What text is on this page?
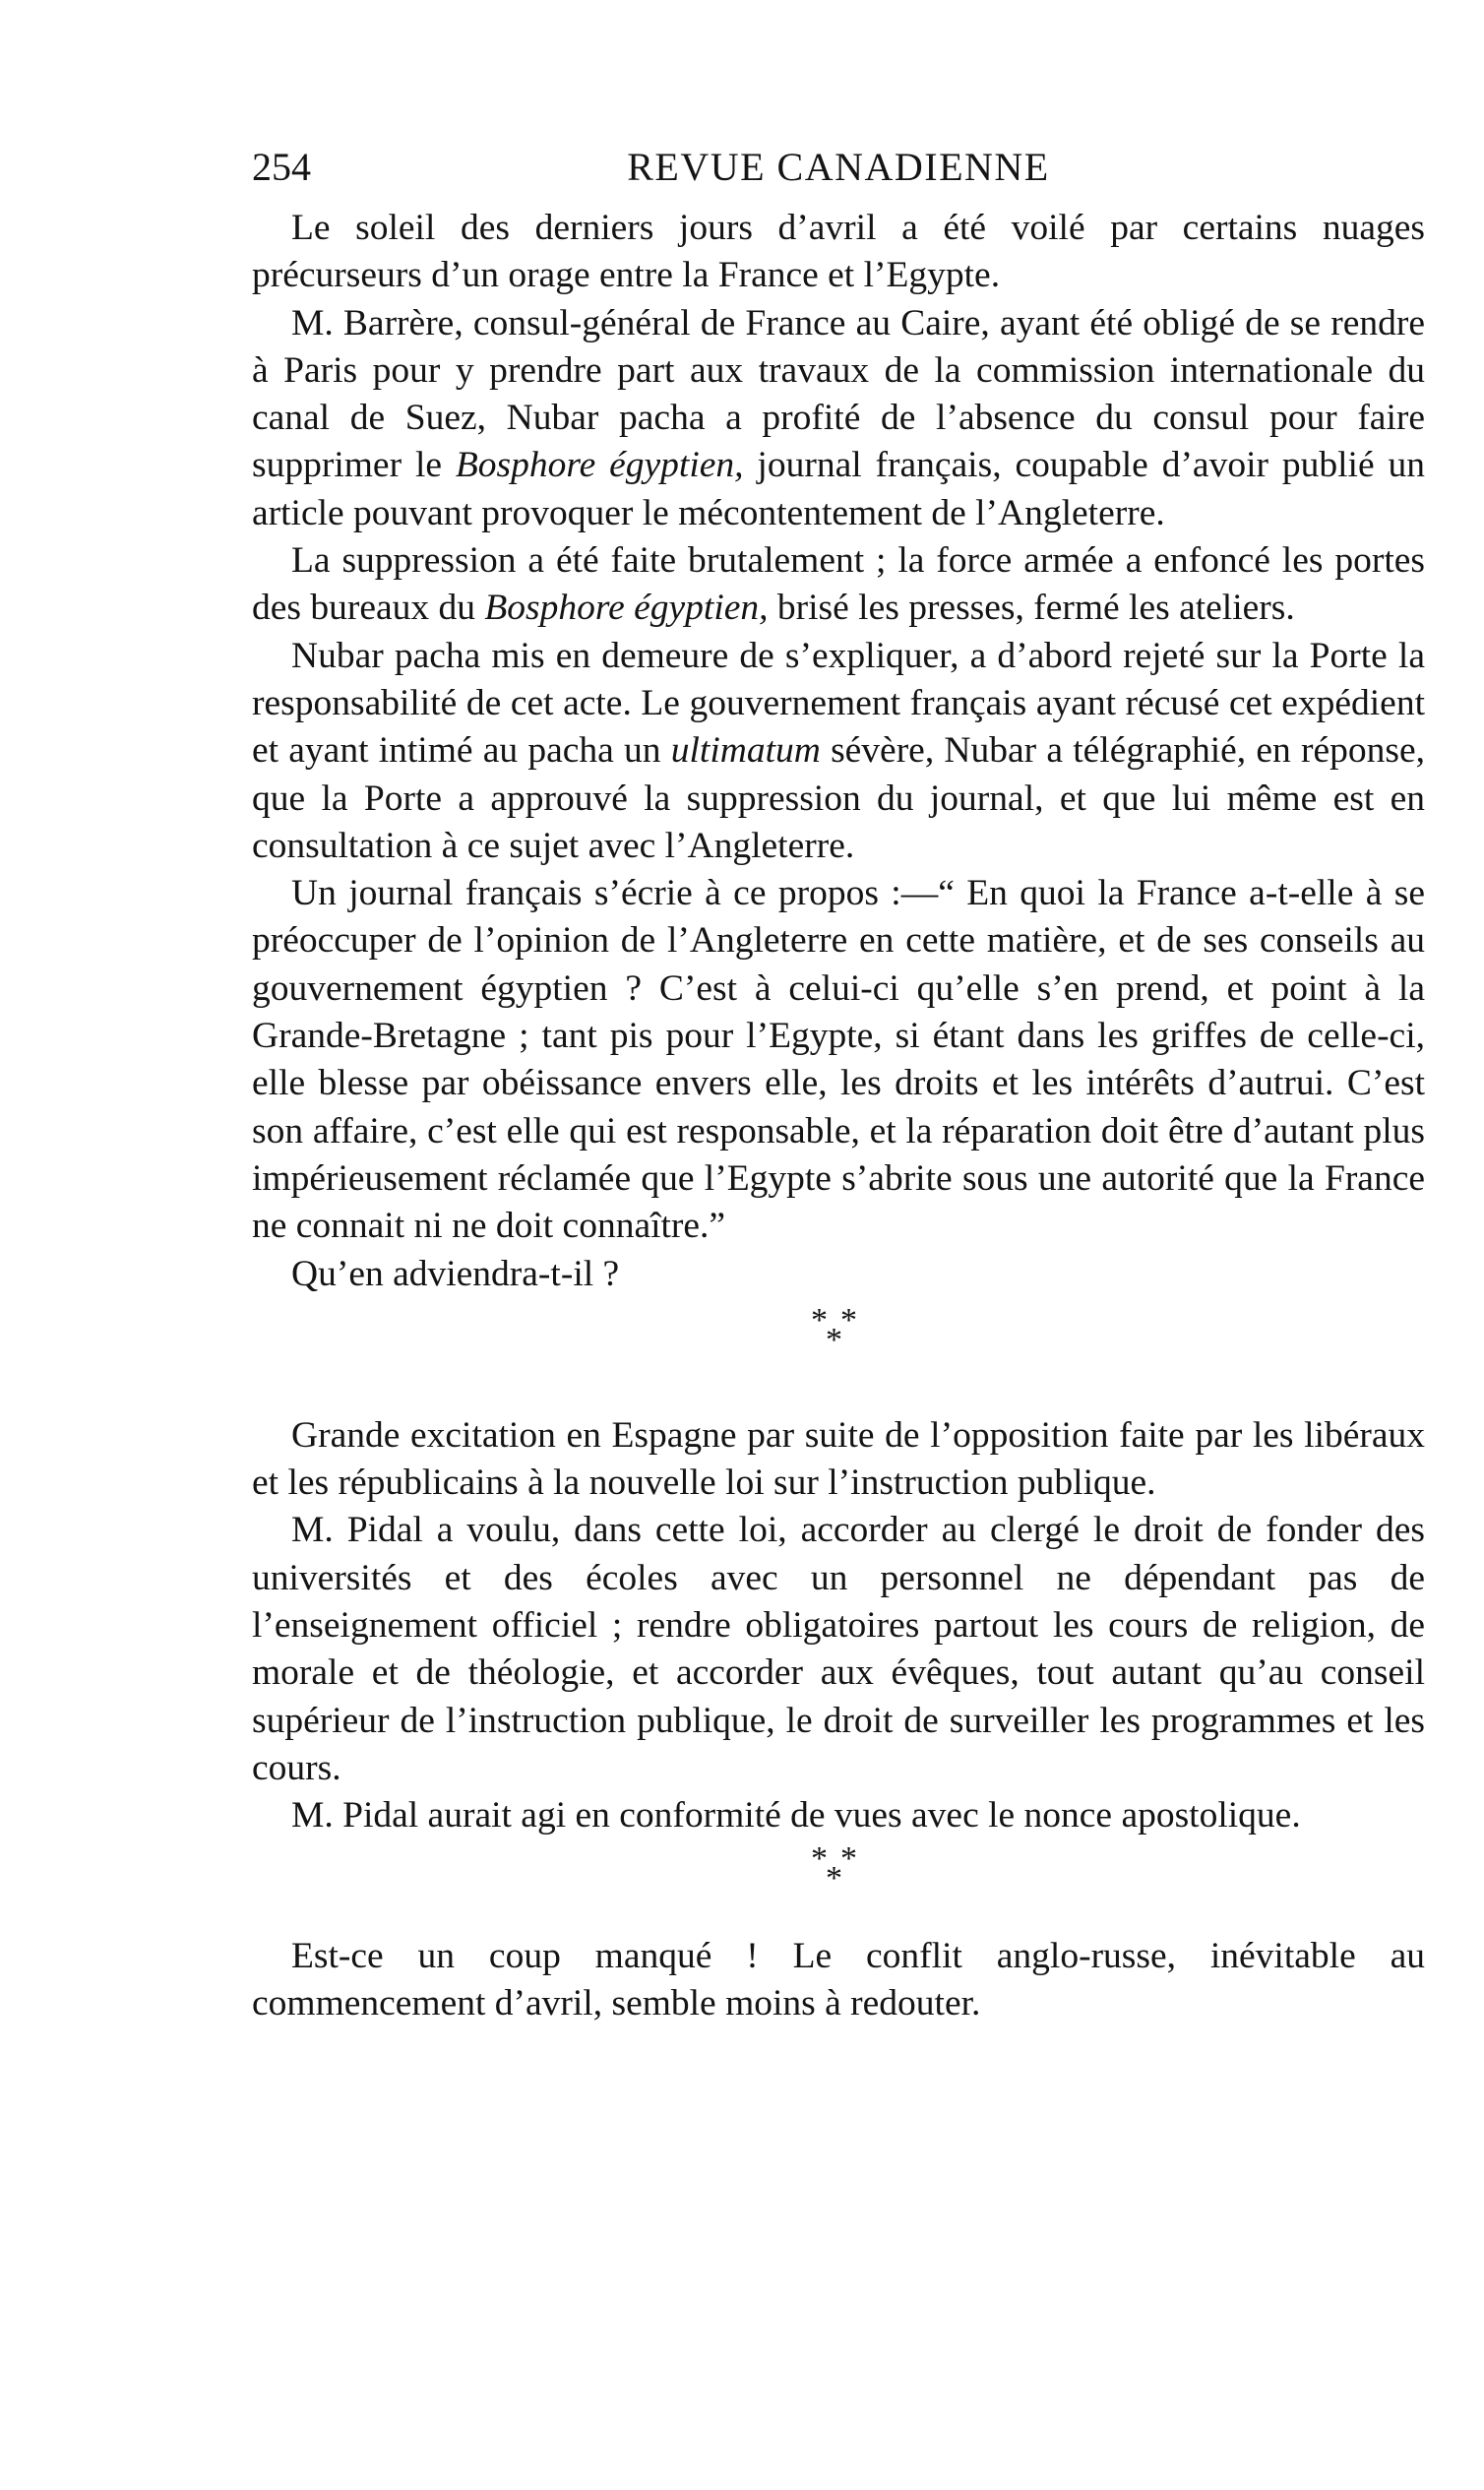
254	REVUE CANADIENNE

Le soleil des derniers jours d’avril a été voilé par certains nuages précurseurs d’un orage entre la France et l’Egypte.

M. Barrère, consul-général de France au Caire, ayant été obligé de se rendre à Paris pour y prendre part aux travaux de la commission internationale du canal de Suez, Nubar pacha a profité de l’absence du consul pour faire supprimer le Bosphore égyptien, journal français, coupable d’avoir publié un article pouvant provoquer le mécontentement de l’Angleterre.

La suppression a été faite brutalement ; la force armée a enfoncé les portes des bureaux du Bosphore égyptien, brisé les presses, fermé les ateliers.

Nubar pacha mis en demeure de s’expliquer, a d’abord rejeté sur la Porte la responsabilité de cet acte. Le gouvernement français ayant récusé cet expédient et ayant intimé au pacha un ultimatum sévère, Nubar a télégraphié, en réponse, que la Porte a approuvé la suppression du journal, et que lui même est en consultation à ce sujet avec l’Angleterre.

Un journal français s’écrie à ce propos :—“ En quoi la France a-t-elle à se préoccuper de l’opinion de l’Angleterre en cette matière, et de ses conseils au gouvernement égyptien ? C’est à celui-ci qu’elle s’en prend, et point à la Grande-Bretagne ; tant pis pour l’Egypte, si étant dans les griffes de celle-ci, elle blesse par obéissance envers elle, les droits et les intérêts d’autrui. C’est son affaire, c’est elle qui est responsable, et la réparation doit être d’autant plus impérieusement réclamée que l’Egypte s’abrite sous une autorité que la France ne connait ni ne doit connaître.”

Qu’en adviendra-t-il ?

* *
*

Grande excitation en Espagne par suite de l’opposition faite par les libéraux et les républicains à la nouvelle loi sur l’instruction publique.

M. Pidal a voulu, dans cette loi, accorder au clergé le droit de fonder des universités et des écoles avec un personnel ne dépendant pas de l’enseignement officiel ; rendre obligatoires partout les cours de religion, de morale et de théologie, et accorder aux évêques, tout autant qu’au conseil supérieur de l’instruction publique, le droit de surveiller les programmes et les cours.

M. Pidal aurait agi en conformité de vues avec le nonce apostolique.

* *
*

Est-ce un coup manqué ! Le conflit anglo-russe, inévitable au commencement d’avril, semble moins à redouter.
